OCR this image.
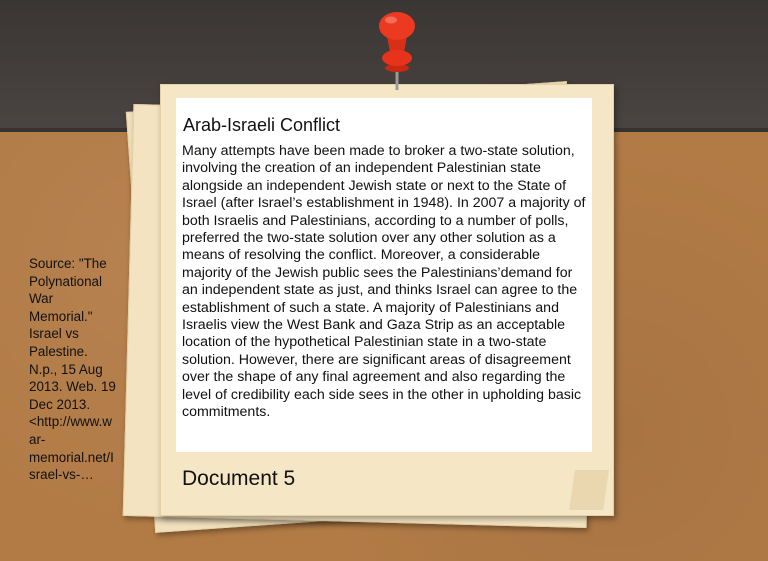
Source: "The Polynational War Memorial." Israel vs Palestine. N.p., 15 Aug 2013. Web. 19 Dec 2013. <http://www.war-memorial.net/Israel-vs-…

Arab-Israeli Conflict

Many attempts have been made to broker a two-state solution, involving the creation of an independent Palestinian state alongside an independent Jewish state or next to the State of Israel (after Israel’s establishment in 1948). In 2007 a majority of both Israelis and Palestinians, according to a number of polls, preferred the two-state solution over any other solution as a means of resolving the conflict. Moreover, a considerable majority of the Jewish public sees the Palestinians’demand for an independent state as just, and thinks Israel can agree to the establishment of such a state. A majority of Palestinians and Israelis view the West Bank and Gaza Strip as an acceptable location of the hypothetical Palestinian state in a two-state solution. However, there are significant areas of disagreement over the shape of any final agreement and also regarding the level of credibility each side sees in the other in upholding basic commitments.

Document 5
